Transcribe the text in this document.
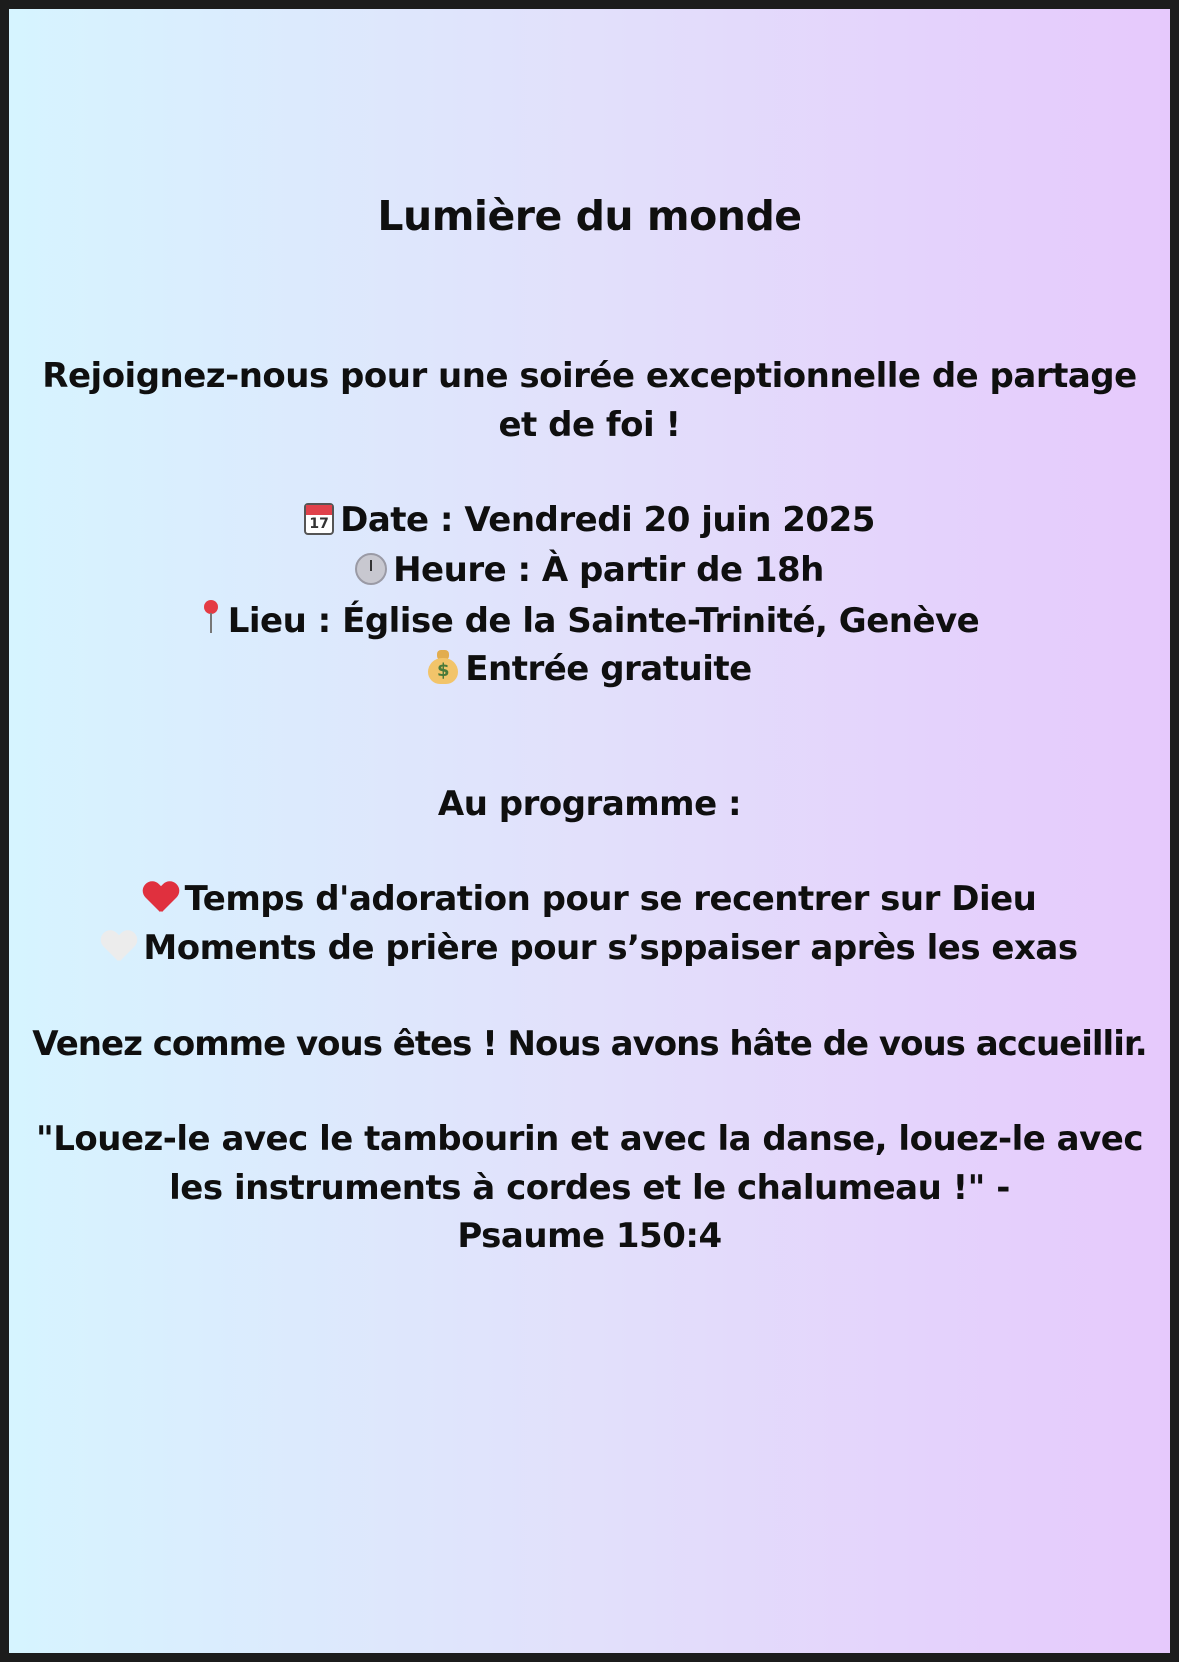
Lumière du monde
Rejoignez-nous pour une soirée exceptionnelle de partage
et de foi !
17 Date : Vendredi 20 juin 2025
Heure : À partir de 18h
Lieu : Église de la Sainte-Trinité, Genève
$ Entrée gratuite
Au programme :
Temps d'adoration pour se recentrer sur Dieu
Moments de prière pour s’sppaiser après les exas
Venez comme vous êtes ! Nous avons hâte de vous accueillir.
"Louez-le avec le tambourin et avec la danse, louez-le avec
les instruments à cordes et le chalumeau !" -
Psaume 150:4
